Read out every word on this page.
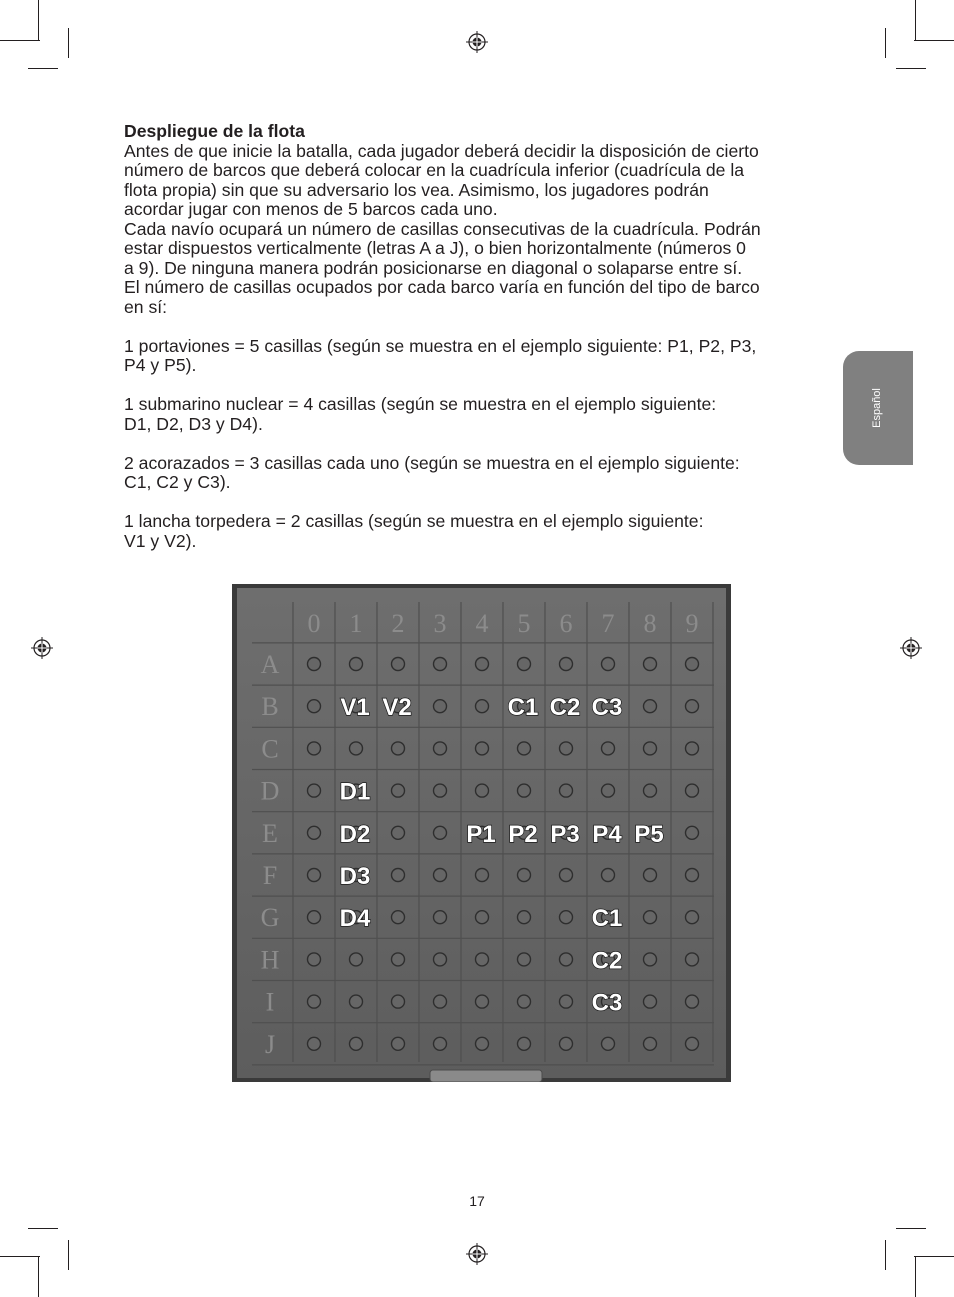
Español

Despliegue de la flota

Antes de que inicie la batalla, cada jugador deberá decidir la disposición de cierto

número de barcos que deberá colocar en la cuadrícula inferior (cuadrícula de la

flota propia) sin que su adversario los vea. Asimismo, los jugadores podrán

acordar jugar con menos de 5 barcos cada uno.

Cada navío ocupará un número de casillas consecutivas de la cuadrícula. Podrán

estar dispuestos verticalmente (letras A a J), o bien horizontalmente (números 0

a 9). De ninguna manera podrán posicionarse en diagonal o solaparse entre sí.

El número de casillas ocupados por cada barco varía en función del tipo de barco

en sí:

1 portaviones = 5 casillas (según se muestra en el ejemplo siguiente: P1, P2, P3,

P4 y P5).

1 submarino nuclear = 4 casillas (según se muestra en el ejemplo siguiente:

D1, D2, D3 y D4).

2 acorazados = 3 casillas cada uno (según se muestra en el ejemplo siguiente:

C1, C2 y C3).

1 lancha torpedera = 2 casillas (según se muestra en el ejemplo siguiente:

V1 y V2).

0 1 2 3 4 5 6 7 8 9
A
B
C
D
E
F
G
H
I
J
V1 V2	C1 C2 C3
D1
D2
D3
D4
P1 P2 P3 P4 P5
C1
C2
C3
17
